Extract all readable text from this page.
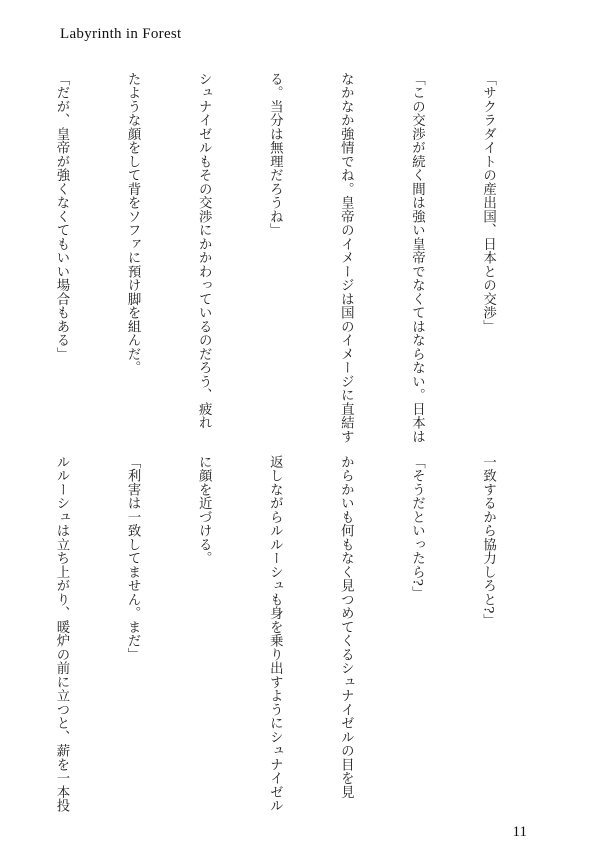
Labyrinth in Forest

「サクラダイトの産出国、日本との交渉」

「この交渉が続く間は強い皇帝でなくてはならない。日本は

なかなか強情でね。皇帝のイメージは国のイメージに直結す

る。当分は無理だろうね」

シュナイゼルもその交渉にかかわっているのだろう、疲れ

たような顔をして背をソファに預け脚を組んだ。

「だが、皇帝が強くなくてもいい場合もある」

一致するから協力しろと?」

「そうだといったら?」

からかいも何もなく見つめてくるシュナイゼルの目を見

返しながらルルーシュも身を乗り出すようにシュナイゼル

に顔を近づける。

「利害は一致してません。まだ」

ルルーシュは立ち上がり、暖炉の前に立つと、薪を一本投

11
